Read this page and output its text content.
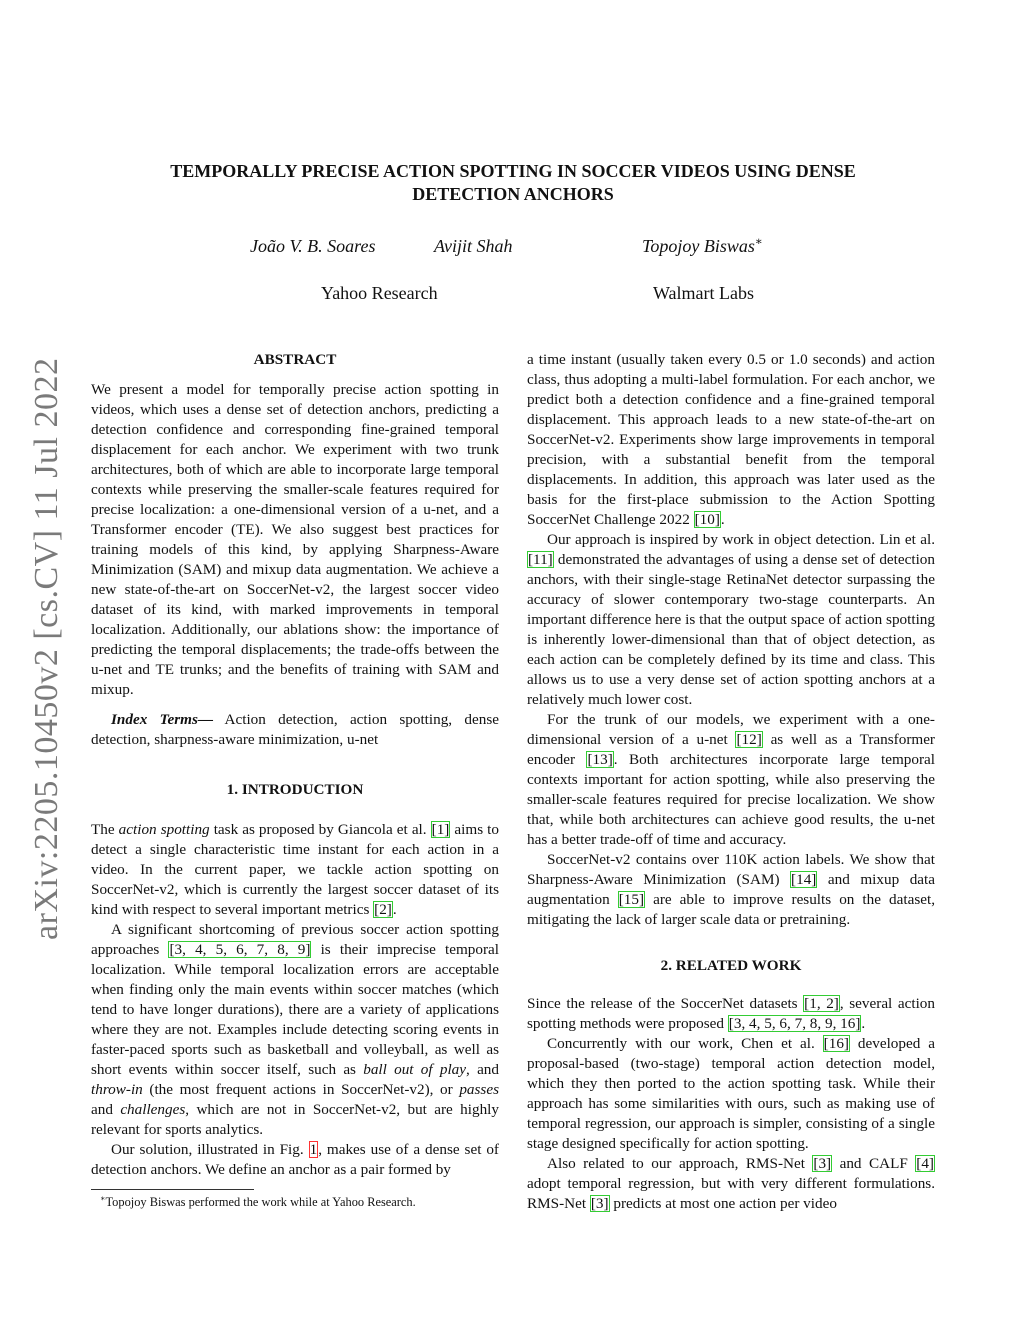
arXiv:2205.10450v2 [cs.CV] 11 Jul 2022
TEMPORALLY PRECISE ACTION SPOTTING IN SOCCER VIDEOS USING DENSE
DETECTION ANCHORS
João V. B. Soares	Avijit Shah	Topojoy Biswas∗
Yahoo Research	Walmart Labs

ABSTRACT

We present a model for temporally precise action spotting in videos, which uses a dense set of detection anchors, predicting a detection confidence and corresponding fine-grained temporal displacement for each anchor. We experiment with two trunk architectures, both of which are able to incorporate large temporal contexts while preserving the smaller-scale features required for precise localization: a one-dimensional version of a u-net, and a Transformer encoder (TE). We also suggest best practices for training models of this kind, by applying Sharpness-Aware Minimization (SAM) and mixup data augmentation. We achieve a new state-of-the-art on SoccerNet-v2, the largest soccer video dataset of its kind, with marked improvements in temporal localization. Additionally, our ablations show: the importance of predicting the temporal displacements; the trade-offs between the u-net and TE trunks; and the benefits of training with SAM and mixup.

Index Terms— Action detection, action spotting, dense detection, sharpness-aware minimization, u-net

1. INTRODUCTION

The action spotting task as proposed by Giancola et al. [1] aims to detect a single characteristic time instant for each action in a video. In the current paper, we tackle action spotting on SoccerNet-v2, which is currently the largest soccer dataset of its kind with respect to several important metrics [2].

A significant shortcoming of previous soccer action spotting approaches [3, 4, 5, 6, 7, 8, 9] is their imprecise temporal localization. While temporal localization errors are acceptable when finding only the main events within soccer matches (which tend to have longer durations), there are a variety of applications where they are not. Examples include detecting scoring events in faster-paced sports such as basketball and volleyball, as well as short events within soccer itself, such as ball out of play, and throw-in (the most frequent actions in SoccerNet-v2), or passes and challenges, which are not in SoccerNet-v2, but are highly relevant for sports analytics.

Our solution, illustrated in Fig. 1, makes use of a dense set of detection anchors. We define an anchor as a pair formed by

a time instant (usually taken every 0.5 or 1.0 seconds) and action class, thus adopting a multi-label formulation. For each anchor, we predict both a detection confidence and a fine-grained temporal displacement. This approach leads to a new state-of-the-art on SoccerNet-v2. Experiments show large improvements in temporal precision, with a substantial benefit from the temporal displacements. In addition, this approach was later used as the basis for the first-place submission to the Action Spotting SoccerNet Challenge 2022 [10].

Our approach is inspired by work in object detection. Lin et al. [11] demonstrated the advantages of using a dense set of detection anchors, with their single-stage RetinaNet detector surpassing the accuracy of slower contemporary two-stage counterparts. An important difference here is that the output space of action spotting is inherently lower-dimensional than that of object detection, as each action can be completely defined by its time and class. This allows us to use a very dense set of action spotting anchors at a relatively much lower cost.

For the trunk of our models, we experiment with a one-dimensional version of a u-net [12] as well as a Transformer encoder [13]. Both architectures incorporate large temporal contexts important for action spotting, while also preserving the smaller-scale features required for precise localization. We show that, while both architectures can achieve good results, the u-net has a better trade-off of time and accuracy.

SoccerNet-v2 contains over 110K action labels. We show that Sharpness-Aware Minimization (SAM) [14] and mixup data augmentation [15] are able to improve results on the dataset, mitigating the lack of larger scale data or pretraining.

2. RELATED WORK

Since the release of the SoccerNet datasets [1, 2], several action spotting methods were proposed [3, 4, 5, 6, 7, 8, 9, 16].

Concurrently with our work, Chen et al. [16] developed a proposal-based (two-stage) temporal action detection model, which they then ported to the action spotting task. While their approach has some similarities with ours, such as making use of temporal regression, our approach is simpler, consisting of a single stage designed specifically for action spotting.

Also related to our approach, RMS-Net [3] and CALF [4] adopt temporal regression, but with very different formulations. RMS-Net [3] predicts at most one action per video

∗Topojoy Biswas performed the work while at Yahoo Research.
